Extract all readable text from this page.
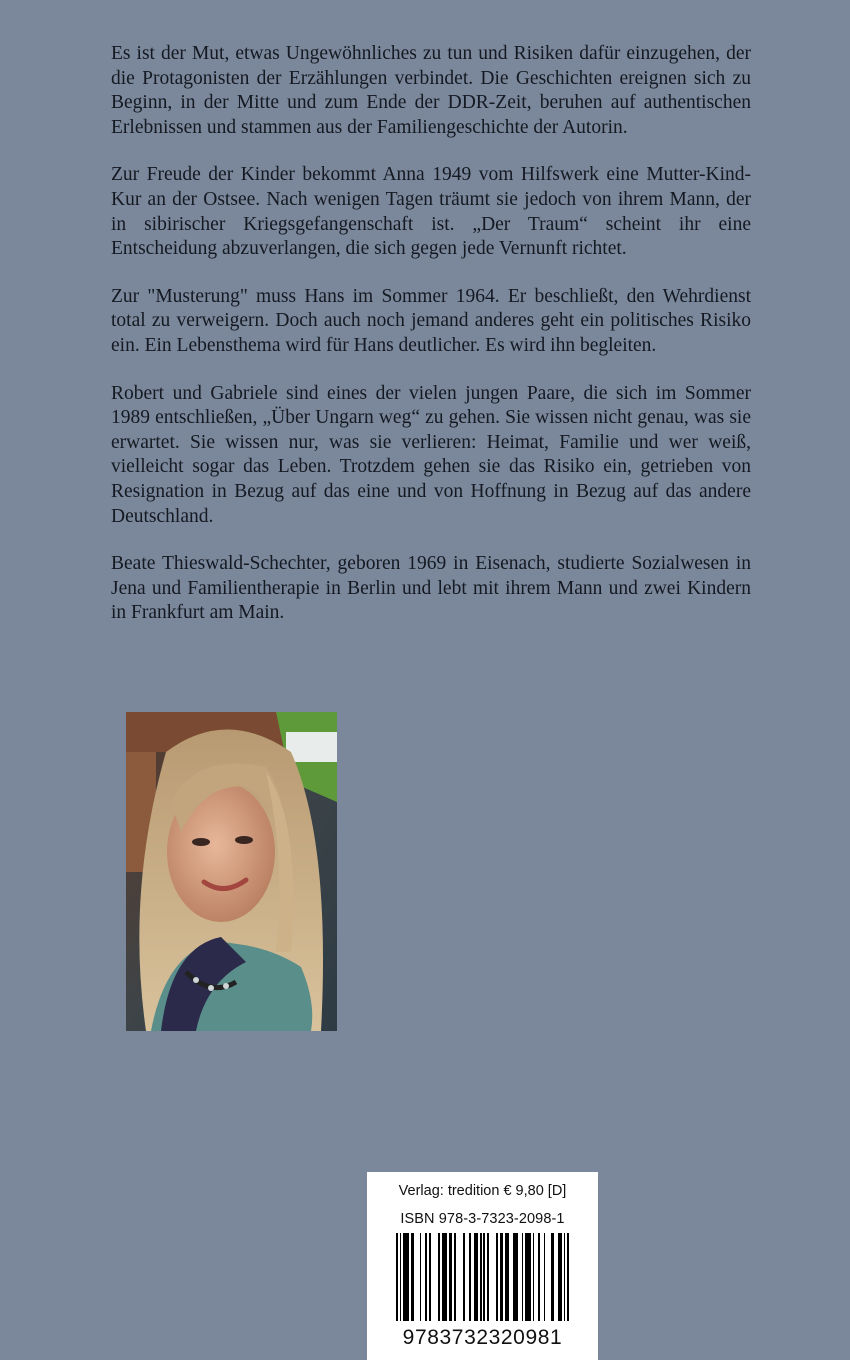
Es ist der Mut, etwas Ungewöhnliches zu tun und Risiken dafür einzugehen, der die Protagonisten der Erzählungen verbindet. Die Geschichten ereignen sich zu Beginn, in der Mitte und zum Ende der DDR-Zeit, beruhen auf authentischen Erlebnissen und stammen aus der Familiengeschichte der Autorin.

Zur Freude der Kinder bekommt Anna 1949 vom Hilfswerk eine Mutter-Kind-Kur an der Ostsee. Nach wenigen Tagen träumt sie jedoch von ihrem Mann, der in sibirischer Kriegsgefangenschaft ist. „Der Traum“ scheint ihr eine Entscheidung abzuverlangen, die sich gegen jede Vernunft richtet.

Zur "Musterung" muss Hans im Sommer 1964. Er beschließt, den Wehrdienst total zu verweigern. Doch auch noch jemand anderes geht ein politisches Risiko ein. Ein Lebensthema wird für Hans deutlicher. Es wird ihn begleiten.

Robert und Gabriele sind eines der vielen jungen Paare, die sich im Sommer 1989 entschließen, „Über Ungarn weg“ zu gehen. Sie wissen nicht genau, was sie erwartet. Sie wissen nur, was sie verlieren: Heimat, Familie und wer weiß, vielleicht sogar das Leben. Trotzdem gehen sie das Risiko ein, getrieben von Resignation in Bezug auf das eine und von Hoffnung in Bezug auf das andere Deutschland.

Beate Thieswald-Schechter, geboren 1969 in Eisenach, studierte Sozialwesen in Jena und Familientherapie in Berlin und lebt mit ihrem Mann und zwei Kindern in Frankfurt am Main.

Verlag: tredition € 9,80 [D]
ISBN 978-3-7323-2098-1
9783732320981
